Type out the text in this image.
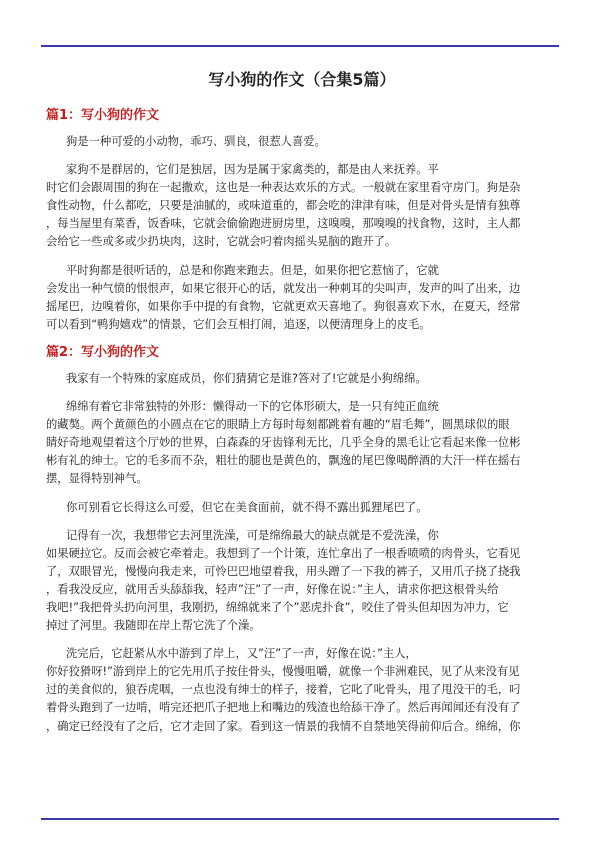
写小狗的作文（合集5篇）
篇1：写小狗的作文
狗是一种可爱的小动物，乖巧、驯良，很惹人喜爱。
家狗不是群居的，它们是独居，因为是属于家禽类的，都是由人来抚养。平
时它们会跟周围的狗在一起撒欢，这也是一种表达欢乐的方式。一般就在家里看守房门。狗是杂
食性动物，什么都吃，只要是油腻的，或味道重的，都会吃的津津有味，但是对骨头是情有独尊
，每当屋里有菜香，饭香味，它就会偷偷跑进厨房里，这嗅嗅，那嗅嗅的找食物，这时，主人都
会给它一些或多或少扔块肉，这时，它就会叼着肉摇头晃脑的跑开了。
平时狗都是很听话的，总是和你跑来跑去。但是，如果你把它惹恼了，它就
会发出一种气愤的恨恨声，如果它很开心的话，就发出一种刺耳的尖叫声，发声的叫了出来，边
摇尾巴，边嗅着你，如果你手中提的有食物，它就更欢天喜地了。狗很喜欢下水，在夏天，经常
可以看到“鸭狗嬉戏”的情景，它们会互相打闹，追逐，以便清理身上的皮毛。
篇2：写小狗的作文
我家有一个特殊的家庭成员，你们猜猜它是谁?答对了!它就是小狗绵绵。
绵绵有着它非常独特的外形：懒得动一下的它体形硕大，是一只有纯正血统
的藏獒。两个黄颜色的小圆点在它的眼睛上方每时每刻都跳着有趣的“眉毛舞”，圆黑球似的眼
睛好奇地观望着这个厅妙的世界，白森森的牙齿锋利无比，几乎全身的黑毛让它看起来像一位彬
彬有礼的绅士。它的毛多而不杂，粗壮的腿也是黄色的，飘逸的尾巴像喝醉酒的大汗一样在摇右
摆，显得特别神气。
你可别看它长得这么可爱，但它在美食面前，就不得不露出狐狸尾巴了。
记得有一次，我想带它去河里洗澡，可是绵绵最大的缺点就是不爱洗澡，你
如果硬拉它。反而会被它牵着走。我想到了一个计策，连忙拿出了一根香喷喷的肉骨头，它看见
了，双眼冒光，慢慢向我走来，可怜巴巴地望着我，用头蹭了一下我的裤子，又用爪子挠了挠我
，看我没反应，就用舌头舔舔我，轻声”汪”了一声，好像在说：”主人，请求你把这根骨头给
我吧!”我把骨头扔向河里，我刚扔，绵绵就来了个”恶虎扑食”，咬住了骨头但却因为冲力，它
掉过了河里。我随即在岸上帮它洗了个澡。
洗完后，它赶紧从水中游到了岸上，又”汪”了一声，好像在说：”主人，
你好狡猾呀!”游到岸上的它先用爪子按住骨头，慢慢咀嚼，就像一个非洲难民，见了从来没有见
过的美食似的，狼吞虎咽，一点也没有绅士的样子，接着，它叱了叱骨头，甩了甩没干的毛，叼
着骨头跑到了一边啃，啃完还把爪子把地上和嘴边的残渣也给舔干净了。然后再闻闻还有没有了
，确定已经没有了之后，它才走回了家。看到这一情景的我情不自禁地笑得前仰后合。绵绵，你
